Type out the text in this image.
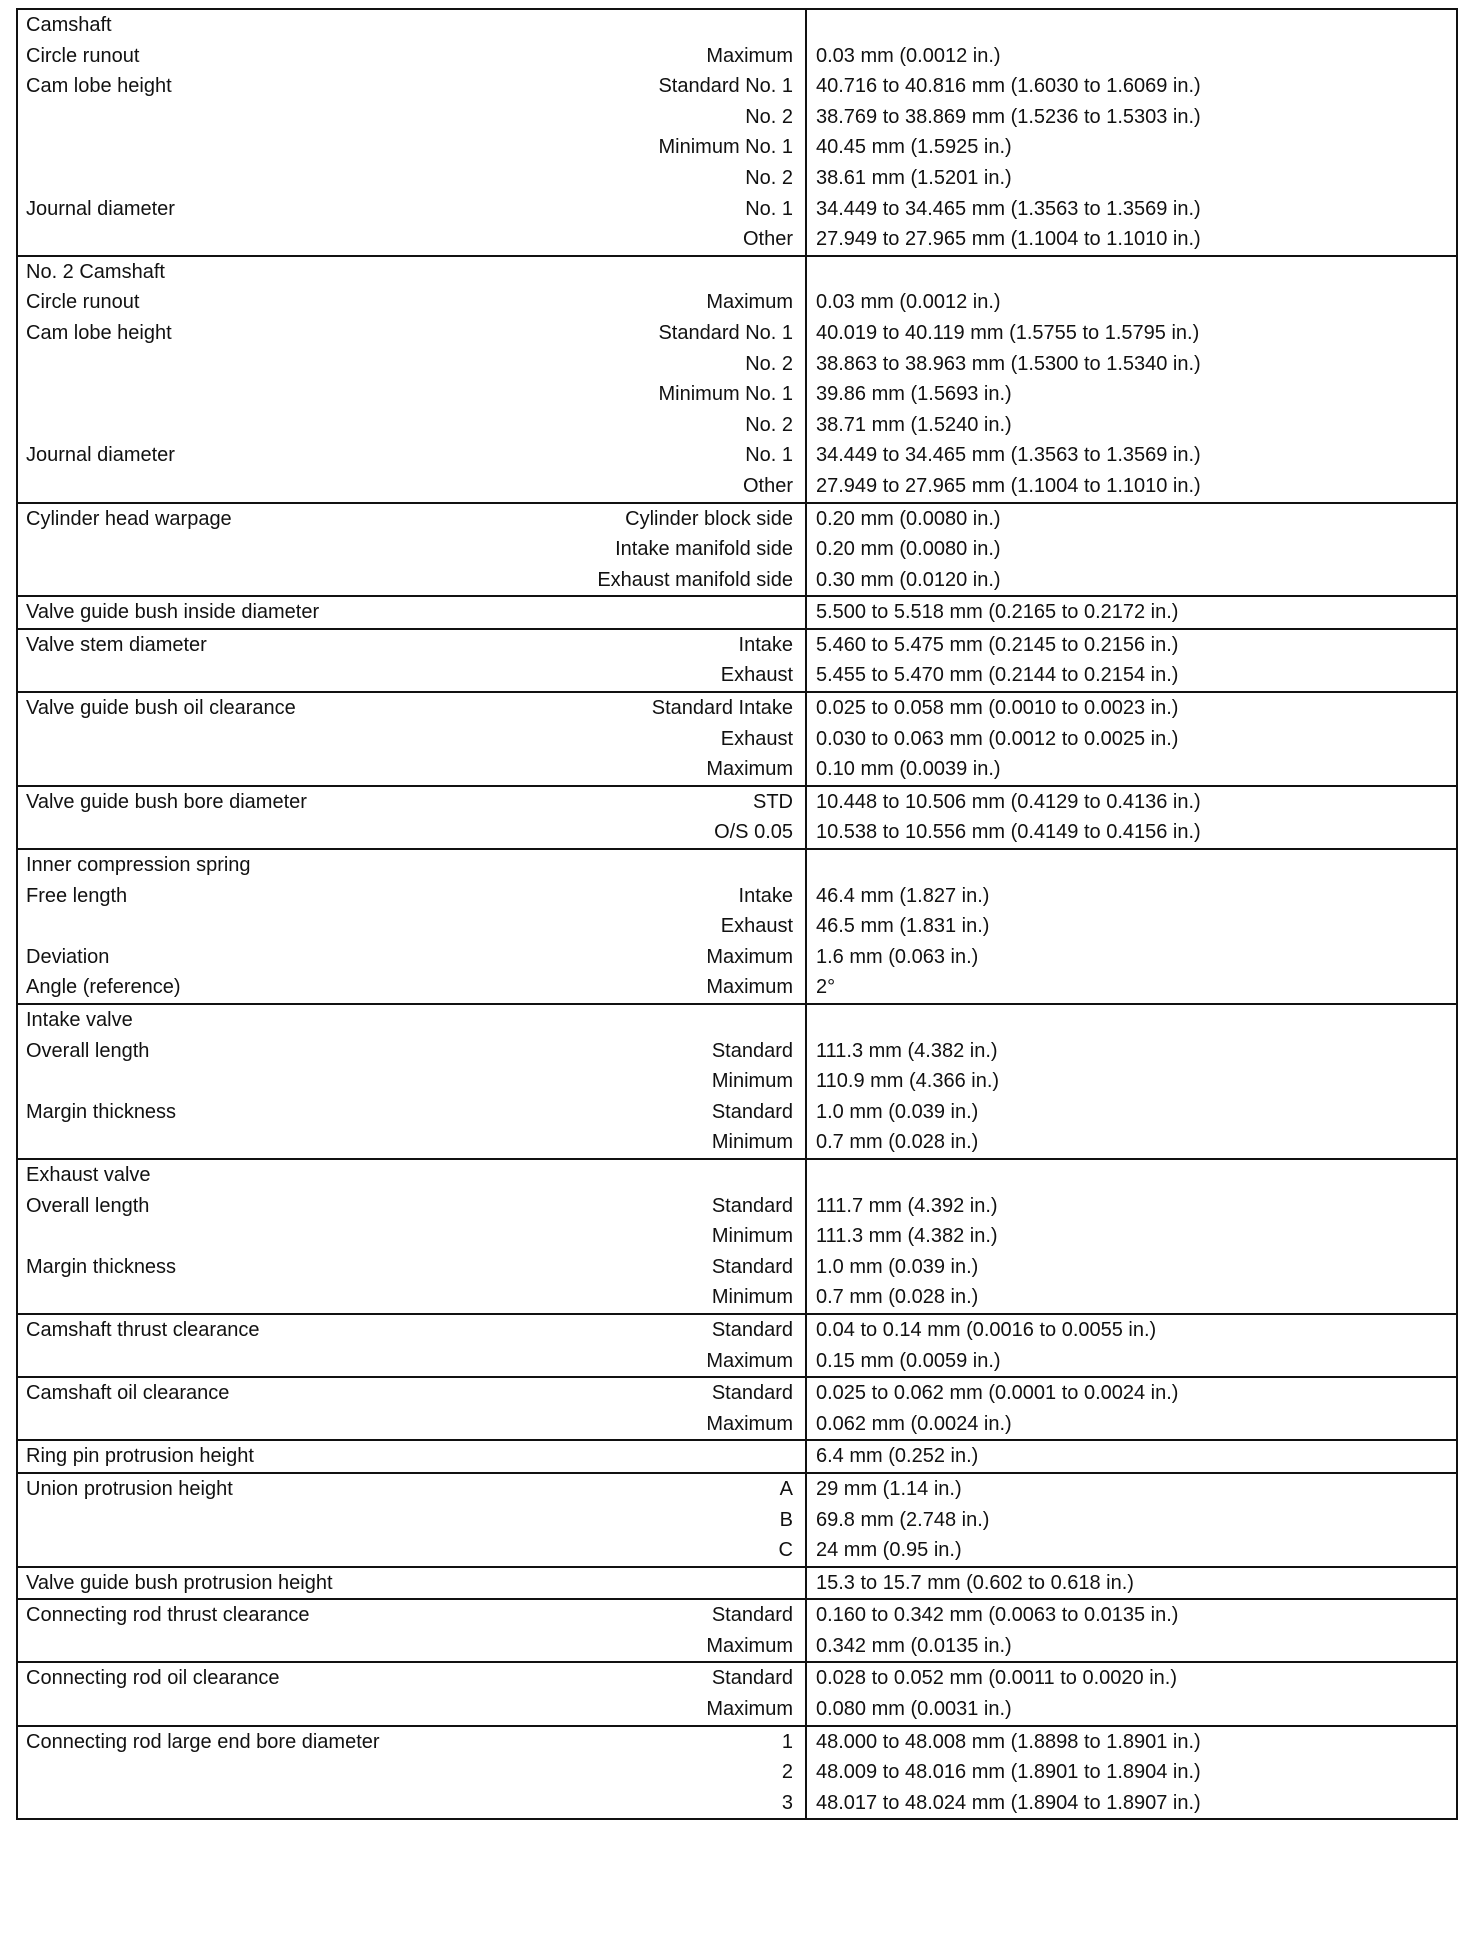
Camshaft		
Circle runout	Maximum	0.03 mm (0.0012 in.)
Cam lobe height	Standard No. 1	40.716 to 40.816 mm (1.6030 to 1.6069 in.)
	No. 2	38.769 to 38.869 mm (1.5236 to 1.5303 in.)
	Minimum No. 1	40.45 mm (1.5925 in.)
	No. 2	38.61 mm (1.5201 in.)
Journal diameter	No. 1	34.449 to 34.465 mm (1.3563 to 1.3569 in.)
	Other	27.949 to 27.965 mm (1.1004 to 1.1010 in.)
No. 2 Camshaft		
Circle runout	Maximum	0.03 mm (0.0012 in.)
Cam lobe height	Standard No. 1	40.019 to 40.119 mm (1.5755 to 1.5795 in.)
	No. 2	38.863 to 38.963 mm (1.5300 to 1.5340 in.)
	Minimum No. 1	39.86 mm (1.5693 in.)
	No. 2	38.71 mm (1.5240 in.)
Journal diameter	No. 1	34.449 to 34.465 mm (1.3563 to 1.3569 in.)
	Other	27.949 to 27.965 mm (1.1004 to 1.1010 in.)
Cylinder head warpage	Cylinder block side	0.20 mm (0.0080 in.)
	Intake manifold side	0.20 mm (0.0080 in.)
	Exhaust manifold side	0.30 mm (0.0120 in.)
Valve guide bush inside diameter		5.500 to 5.518 mm (0.2165 to 0.2172 in.)
Valve stem diameter	Intake	5.460 to 5.475 mm (0.2145 to 0.2156 in.)
	Exhaust	5.455 to 5.470 mm (0.2144 to 0.2154 in.)
Valve guide bush oil clearance	Standard Intake	0.025 to 0.058 mm (0.0010 to 0.0023 in.)
	Exhaust	0.030 to 0.063 mm (0.0012 to 0.0025 in.)
	Maximum	0.10 mm (0.0039 in.)
Valve guide bush bore diameter	STD	10.448 to 10.506 mm (0.4129 to 0.4136 in.)
	O/S 0.05	10.538 to 10.556 mm (0.4149 to 0.4156 in.)
Inner compression spring		
Free length	Intake	46.4 mm (1.827 in.)
	Exhaust	46.5 mm (1.831 in.)
Deviation	Maximum	1.6 mm (0.063 in.)
Angle (reference)	Maximum	2°
Intake valve		
Overall length	Standard	111.3 mm (4.382 in.)
	Minimum	110.9 mm (4.366 in.)
Margin thickness	Standard	1.0 mm (0.039 in.)
	Minimum	0.7 mm (0.028 in.)
Exhaust valve		
Overall length	Standard	111.7 mm (4.392 in.)
	Minimum	111.3 mm (4.382 in.)
Margin thickness	Standard	1.0 mm (0.039 in.)
	Minimum	0.7 mm (0.028 in.)
Camshaft thrust clearance	Standard	0.04 to 0.14 mm (0.0016 to 0.0055 in.)
	Maximum	0.15 mm (0.0059 in.)
Camshaft oil clearance	Standard	0.025 to 0.062 mm (0.0001 to 0.0024 in.)
	Maximum	0.062 mm (0.0024 in.)
Ring pin protrusion height		6.4 mm (0.252 in.)
Union protrusion height	A	29 mm (1.14 in.)
	B	69.8 mm (2.748 in.)
	C	24 mm (0.95 in.)
Valve guide bush protrusion height		15.3 to 15.7 mm (0.602 to 0.618 in.)
Connecting rod thrust clearance	Standard	0.160 to 0.342 mm (0.0063 to 0.0135 in.)
	Maximum	0.342 mm (0.0135 in.)
Connecting rod oil clearance	Standard	0.028 to 0.052 mm (0.0011 to 0.0020 in.)
	Maximum	0.080 mm (0.0031 in.)
Connecting rod large end bore diameter	1	48.000 to 48.008 mm (1.8898 to 1.8901 in.)
	2	48.009 to 48.016 mm (1.8901 to 1.8904 in.)
	3	48.017 to 48.024 mm (1.8904 to 1.8907 in.)
